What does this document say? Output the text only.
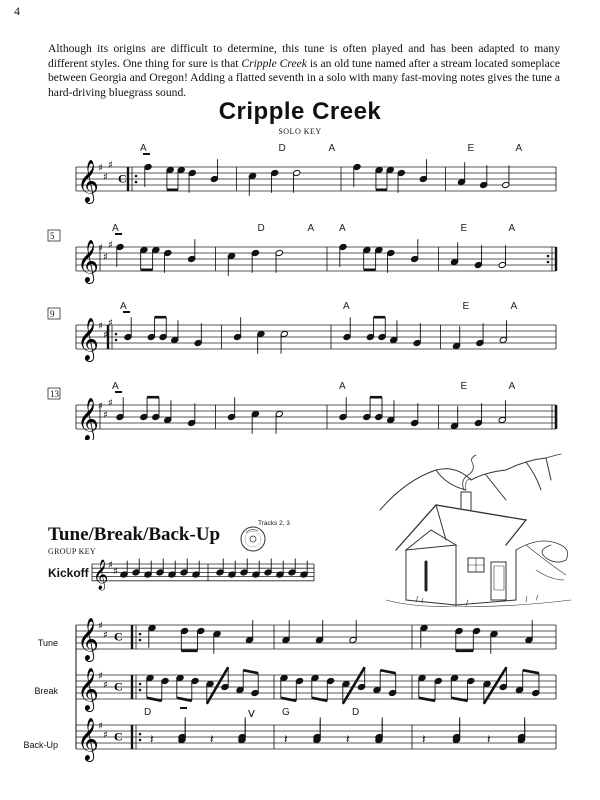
4

Although its origins are difficult to determine, this tune is often played and has been adapted to many different styles. One thing for sure is that Cripple Creek is an old tune named after a stream located someplace between Georgia and Oregon! Adding a flatted seventh in a solo with many fast-moving notes gives the tune a hard-driving bluegrass sound.

Cripple Creek
SOLO KEY
𝄞 ♯
♯
♯
C
A	D	A	E	A
𝄞 ♯
♯
♯
5
A	D	A A	E	A
𝄞 ♯
♯
♯
9
A	A	E	A
𝄞 ♯
♯
♯
13
A	A	E	A
Tune/Break/Back-Up
GROUP KEY
Tracks 2, 3
Kickoff 𝄞 ♯
♯
Tune
Break
Back-Up
𝄞 ♯
♯ C
𝄞 ♯
♯ C
𝄞 ♯
♯ C 𝄽	𝄽	𝄽	𝄽	𝄽	𝄽
D	G	D
V
